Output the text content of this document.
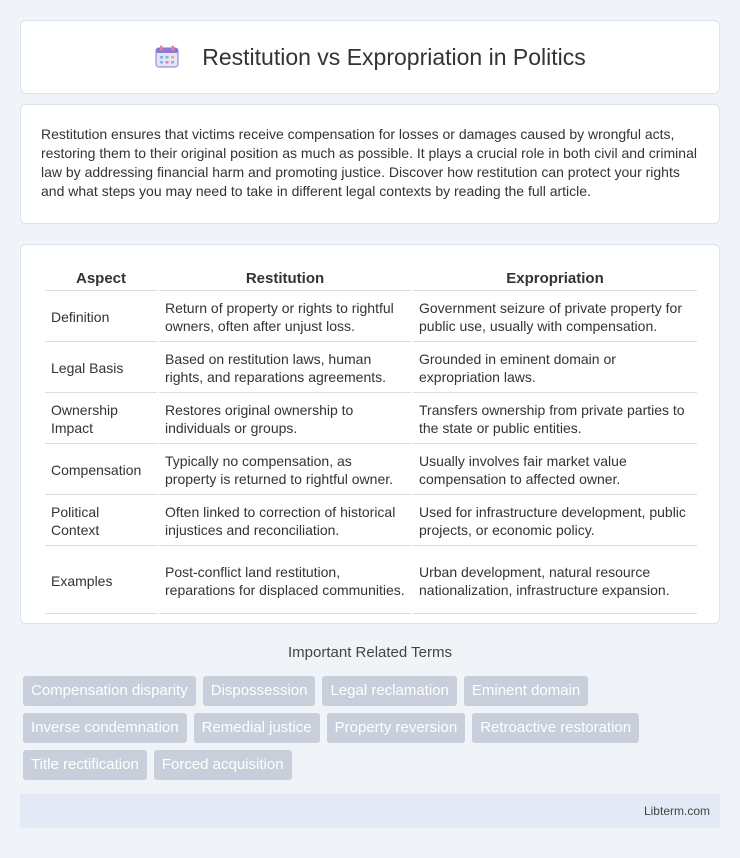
Restitution vs Expropriation in Politics

Restitution ensures that victims receive compensation for losses or damages caused by wrongful acts, restoring them to their original position as much as possible. It plays a crucial role in both civil and criminal law by addressing financial harm and promoting justice. Discover how restitution can protect your rights and what steps you may need to take in different legal contexts by reading the full article.

Aspect	Restitution	Expropriation
Definition	Return of property or rights to rightful owners, often after unjust loss.	Government seizure of private property for public use, usually with compensation.
Legal Basis	Based on restitution laws, human rights, and reparations agreements.	Grounded in eminent domain or expropriation laws.
Ownership Impact	Restores original ownership to individuals or groups.	Transfers ownership from private parties to the state or public entities.
Compensation	Typically no compensation, as property is returned to rightful owner.	Usually involves fair market value compensation to affected owner.
Political Context	Often linked to correction of historical injustices and reconciliation.	Used for infrastructure development, public projects, or economic policy.
Examples	Post-conflict land restitution, reparations for displaced communities.	Urban development, natural resource nationalization, infrastructure expansion.
Important Related Terms
Compensation disparity	Dispossession	Legal reclamation	Eminent domain
Inverse condemnation	Remedial justice	Property reversion	Retroactive restoration
Title rectification	Forced acquisition
Libterm.com
